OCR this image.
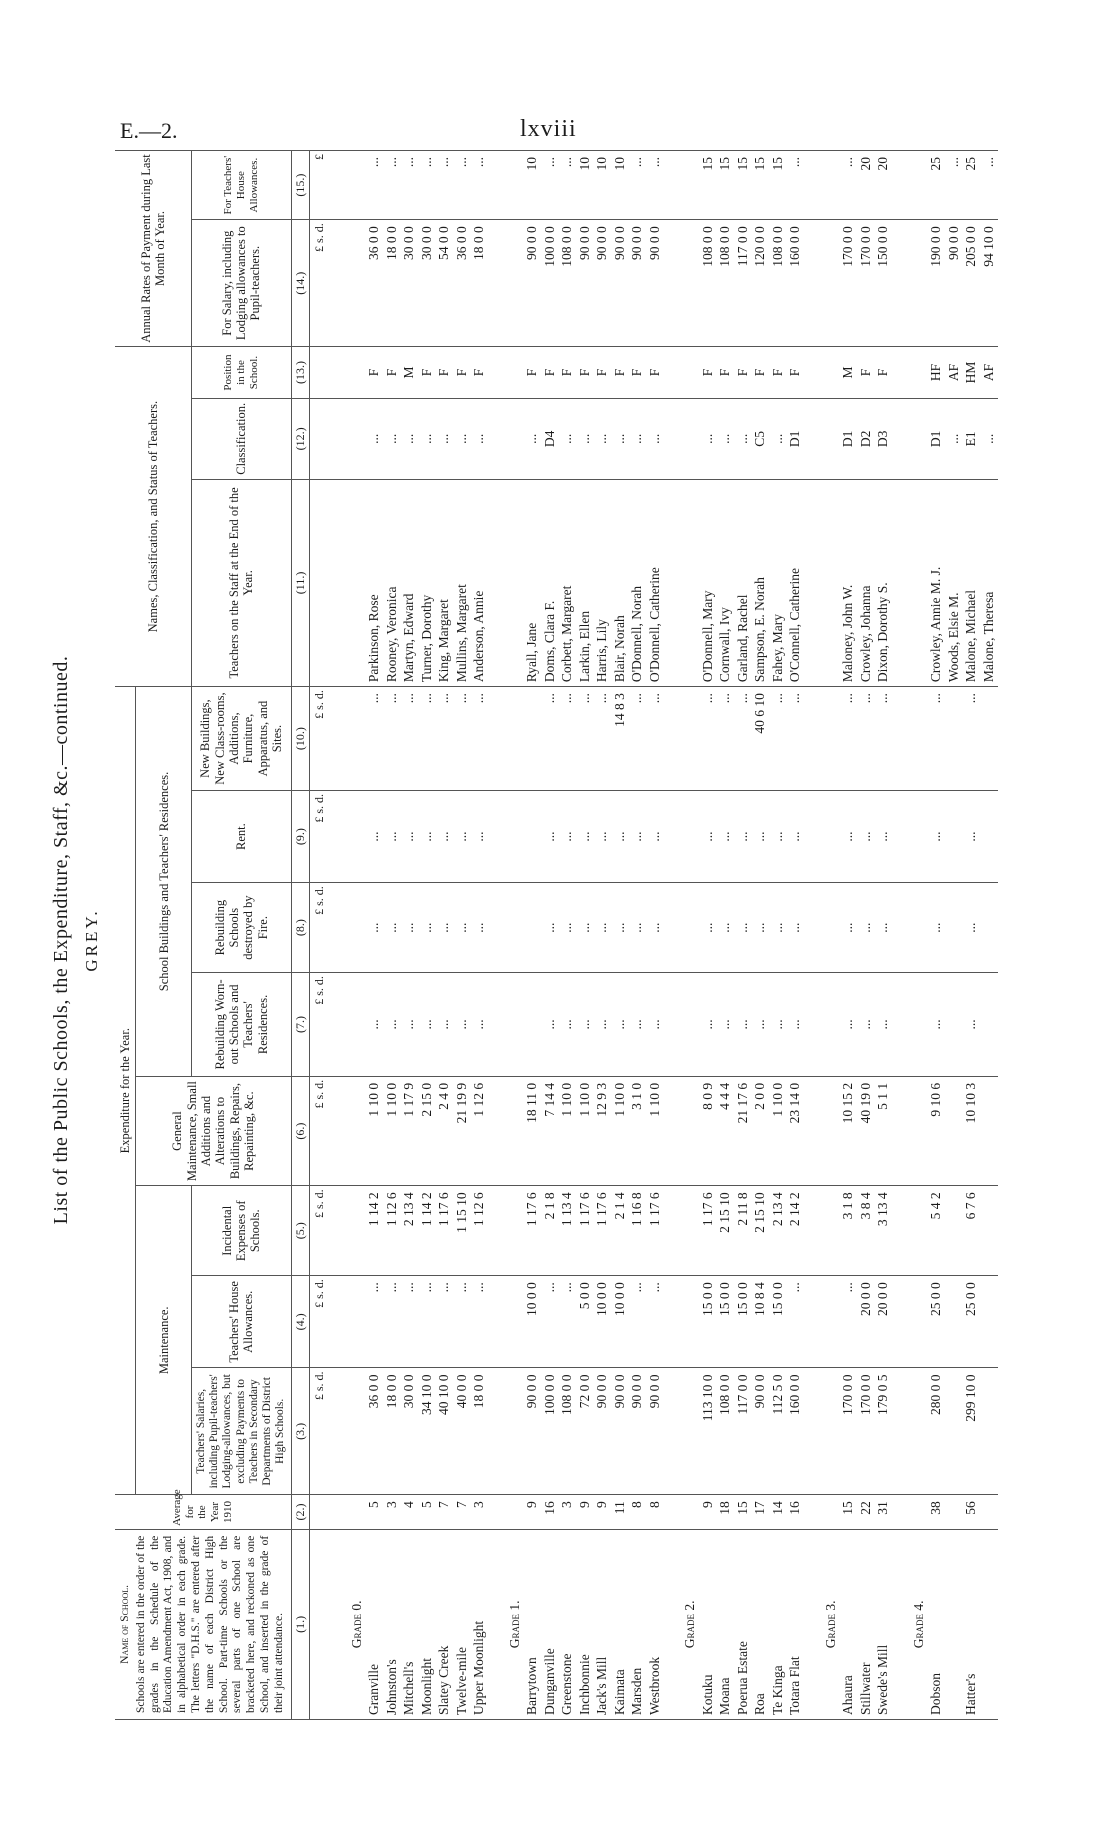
E.—2.	lxviii
List of the Public Schools, the Expenditure, Staff, &c.—continued. GREY.
Name of School. Schools are entered in the order of the grades in the Schedule of the Education Amendment Act, 1908, and in alphabetical order in each grade. The letters "D.H.S." are entered after the name of each District High School. Part-time Schools or the several parts of one School are bracketed here, and reckoned as one School, and inserted in the grade of their joint attendance.	Average for the Year 1910	Expenditure for the Year.								Names, Classification, and Status of Teachers.			Annual Rates of Payment during Last Month of Year.	
		Maintenance.			General Maintenance, Small Additions and Alterations to Buildings, Repairs, Repainting, &c.	School Buildings and Teachers' Residences.								
		Teachers' Salaries, including Pupil-teachers' Lodging-allowances, but excluding Payments to Teachers in Secondary Departments of District High Schools.	Teachers' House Allowances.	Incidental Expenses of Schools.		Rebuilding Worn-out Schools and Teachers' Residences.	Rebuilding Schools destroyed by Fire.	Rent.	New Buildings, New Class-rooms, Additions, Furniture, Apparatus, and Sites.	Teachers on the Staff at the End of the Year.	Classification.	Position in the School.	For Salary, including Lodging allowances to Pupil-teachers.	For Teachers' House Allowances.
(1.)	(2.)	(3.)	(4.)	(5.)	(6.)	(7.)	(8.)	(9.)	(10.)	(11.)	(12.)	(13.)	(14.)	(15.)
		£ s. d.	£ s. d.	£ s. d.	£ s. d.	£ s. d.	£ s. d.	£ s. d.	£ s. d.				£ s. d.	£

Grade 0.														
Granville	5	36 0 0	...	1 14 2	1 10 0	...	...	...	...	Parkinson, Rose	...	F	36 0 0	...
Johnston's	3	18 0 0	...	1 12 6	1 10 0	...	...	...	...	Rooney, Veronica	...	F	18 0 0	...
Mitchell's	4	30 0 0	...	2 13 4	1 17 9	...	...	...	...	Martyn, Edward	...	M	30 0 0	...
Moonlight	5	34 10 0	...	1 14 2	2 15 0	...	...	...	...	Turner, Dorothy	...	F	30 0 0	...
Slatey Creek	7	40 10 0	...	1 17 6	2 4 0	...	...	...	...	King, Margaret	...	F	54 0 0	...
Twelve-mile	7	40 0 0	...	1 15 10	21 19 9	...	...	...	...	Mullins, Margaret	...	F	36 0 0	...
Upper Moonlight	3	18 0 0	...	1 12 6	1 12 6	...	...	...	...	Anderson, Annie	...	F	18 0 0	...

Grade 1.														
Barrytown	9	90 0 0	10 0 0	1 17 6	18 11 0					Ryall, Jane	...	F	90 0 0	10
Dunganville	16	100 0 0	...	2 1 8	7 14 4	...	...	...	...	Doms, Clara F.	D4	F	100 0 0	...
Greenstone	3	108 0 0	...	1 13 4	1 10 0	...	...	...	...	Corbett, Margaret	...	F	108 0 0	...
Inchbonnie	9	72 0 0	5 0 0	1 17 6	1 10 0	...	...	...	...	Larkin, Ellen	...	F	90 0 0	10
Jack's Mill	9	90 0 0	10 0 0	1 17 6	12 9 3	...	...	...	...	Harris, Lily	...	F	90 0 0	10
Kaimata	11	90 0 0	10 0 0	2 1 4	1 10 0	...	...	...	14 8 3	Blair, Norah	...	F	90 0 0	10
Marsden	8	90 0 0	...	1 16 8	3 1 0	...	...	...	...	O'Donnell, Norah	...	F	90 0 0	...
Westbrook	8	90 0 0	...	1 17 6	1 10 0	...	...	...	...	O'Donnell, Catherine	...	F	90 0 0	...

Grade 2.														
Kotuku	9	113 10 0	15 0 0	1 17 6	8 0 9	...	...	...	...	O'Donnell, Mary	...	F	108 0 0	15
Moana	18	108 0 0	15 0 0	2 15 10	4 4 4	...	...	...	...	Cornwall, Ivy	...	F	108 0 0	15
Poerua Estate	15	117 0 0	15 0 0	2 11 8	21 17 6	...	...	...	...	Garland, Rachel	...	F	117 0 0	15
Roa	17	90 0 0	10 8 4	2 15 10	2 0 0	...	...	...	40 6 10	Sampson, E. Norah	C5	F	120 0 0	15
Te Kinga	14	112 5 0	15 0 0	2 13 4	1 10 0	...	...	...	...	Fahey, Mary	...	F	108 0 0	15
Totara Flat	16	160 0 0	...	2 14 2	23 14 0	...	...	...	...	O'Connell, Catherine	D1	F	160 0 0	...

Grade 3.														
Ahaura	15	170 0 0	...	3 1 8	10 15 2	...	...	...	...	Maloney, John W.	D1	M	170 0 0	...
Stillwater	22	170 0 0	20 0 0	3 8 4	40 19 0	...	...	...	...	Crowley, Johanna	D2	F	170 0 0	20
Swede's Mill	31	179 0 5	20 0 0	3 13 4	5 1 1	...	...	...	...	Dixon, Dorothy S.	D3	F	150 0 0	20

Grade 4.														
Dobson	38	280 0 0	25 0 0	5 4 2	9 10 6	...	...	...	...	Crowley, Annie M. J.	D1	HF	190 0 0	25
										Woods, Elsie M.	...	AF	90 0 0	...
Hatter's	56	299 10 0	25 0 0	6 7 6	10 10 3	...	...	...	...	Malone, Michael	E1	HM	205 0 0	25
										Malone, Theresa	...	AF	94 10 0	...
